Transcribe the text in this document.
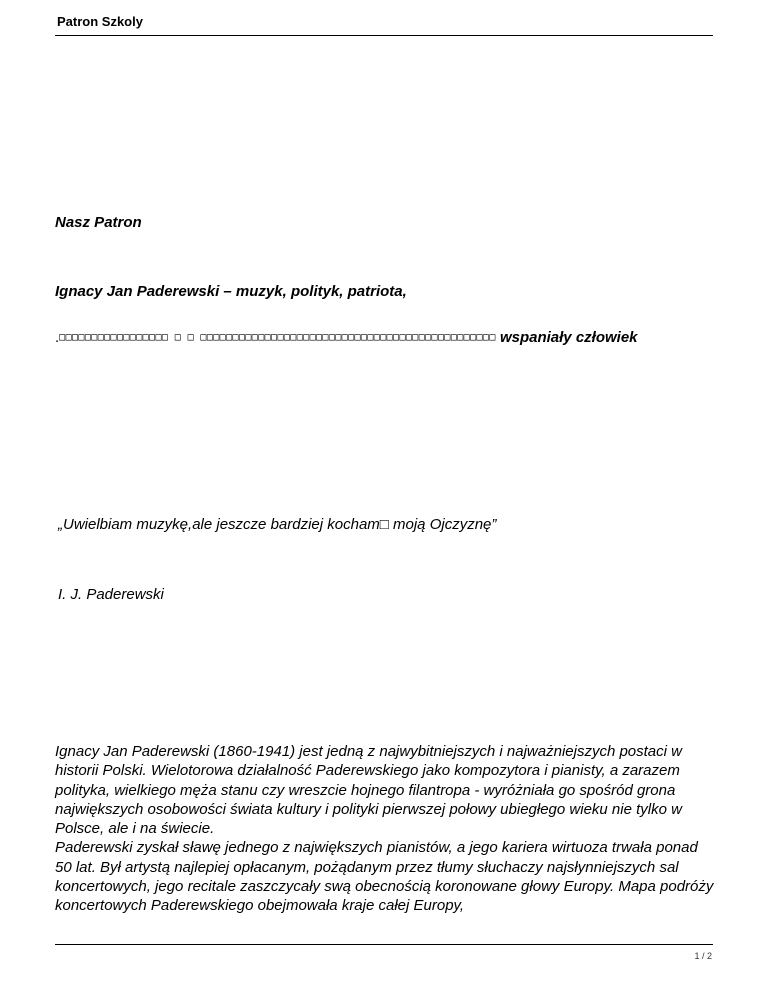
Patron Szkoly
Nasz Patron
Ignacy Jan Paderewski – muzyk, polityk, patriota,
.□□□□□□□□□□□□□□□□□ □ □ □□□□□□□□□□□□□□□□□□□□□□□□□□□□□□□□□□□□□□□□□□□□□□ wspaniały człowiek
„Uwielbiam muzykę,ale jeszcze bardziej kocham□ moją Ojczyznę”
I. J. Paderewski

Ignacy Jan Paderewski (1860-1941) jest jedną z najwybitniejszych i najważniejszych postaci w historii Polski. Wielotorowa działalność Paderewskiego jako kompozytora i pianisty, a zarazem polityka, wielkiego męża stanu czy wreszcie hojnego filantropa - wyróżniała go spośród grona największych osobowości świata kultury i polityki pierwszej połowy ubiegłego wieku nie tylko w Polsce, ale i na świecie.

Paderewski zyskał sławę jednego z największych pianistów, a jego kariera wirtuoza trwała ponad 50 lat. Był artystą najlepiej opłacanym, pożądanym przez tłumy słuchaczy najsłynniejszych sal koncertowych, jego recitale zaszczycały swą obecnością koronowane głowy Europy. Mapa podróży koncertowych Paderewskiego obejmowała kraje całej Europy,

1 / 2
